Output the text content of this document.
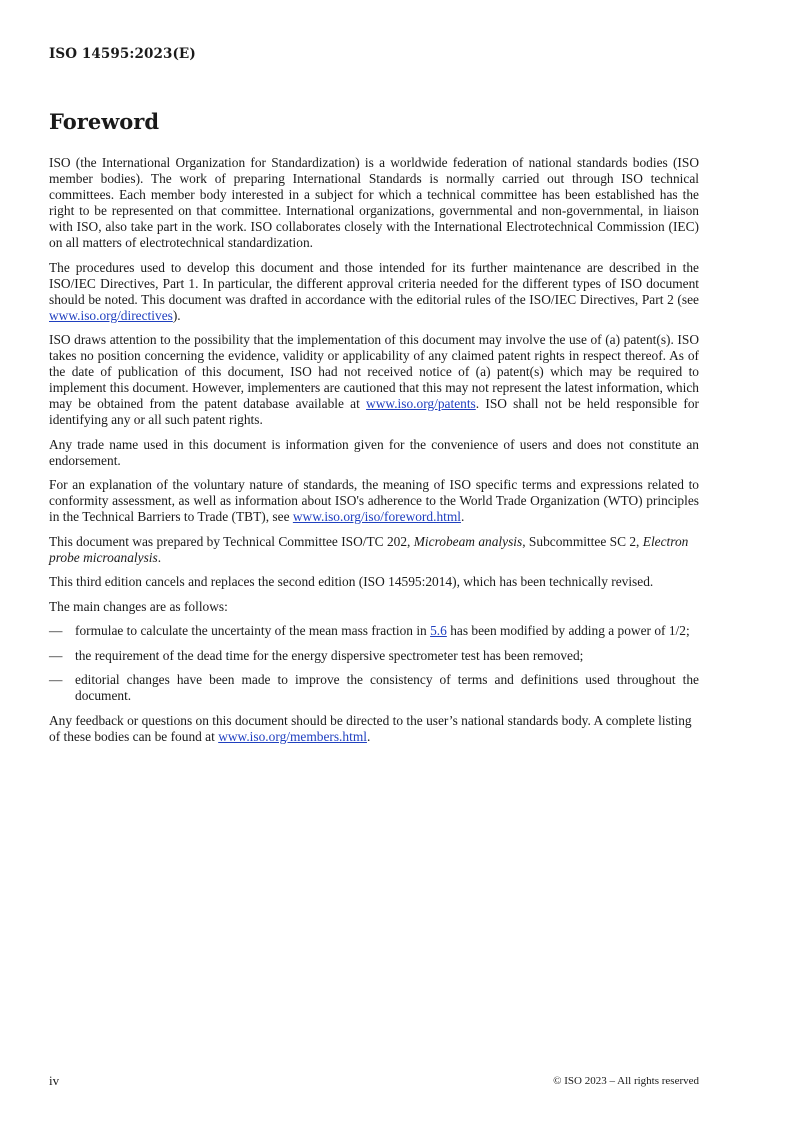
ISO 14595:2023(E)
Foreword

ISO (the International Organization for Standardization) is a worldwide federation of national standards bodies (ISO member bodies). The work of preparing International Standards is normally carried out through ISO technical committees. Each member body interested in a subject for which a technical committee has been established has the right to be represented on that committee. International organizations, governmental and non-governmental, in liaison with ISO, also take part in the work. ISO collaborates closely with the International Electrotechnical Commission (IEC) on all matters of electrotechnical standardization.

The procedures used to develop this document and those intended for its further maintenance are described in the ISO/IEC Directives, Part 1. In particular, the different approval criteria needed for the different types of ISO document should be noted. This document was drafted in accordance with the editorial rules of the ISO/IEC Directives, Part 2 (see www.iso.org/directives).

ISO draws attention to the possibility that the implementation of this document may involve the use of (a) patent(s). ISO takes no position concerning the evidence, validity or applicability of any claimed patent rights in respect thereof. As of the date of publication of this document, ISO had not received notice of (a) patent(s) which may be required to implement this document. However, implementers are cautioned that this may not represent the latest information, which may be obtained from the patent database available at www.iso.org/patents. ISO shall not be held responsible for identifying any or all such patent rights.

Any trade name used in this document is information given for the convenience of users and does not constitute an endorsement.

For an explanation of the voluntary nature of standards, the meaning of ISO specific terms and expressions related to conformity assessment, as well as information about ISO's adherence to the World Trade Organization (WTO) principles in the Technical Barriers to Trade (TBT), see www.iso.org/iso/foreword.html.

This document was prepared by Technical Committee ISO/TC 202, Microbeam analysis, Subcommittee SC 2, Electron probe microanalysis.

This third edition cancels and replaces the second edition (ISO 14595:2014), which has been technically revised.

The main changes are as follows:

— formulae to calculate the uncertainty of the mean mass fraction in 5.6 has been modified by adding a power of 1/2;
— the requirement of the dead time for the energy dispersive spectrometer test has been removed;
— editorial changes have been made to improve the consistency of terms and definitions used throughout the document.

Any feedback or questions on this document should be directed to the user’s national standards body. A complete listing of these bodies can be found at www.iso.org/members.html.

iv	© ISO 2023 – All rights reserved
